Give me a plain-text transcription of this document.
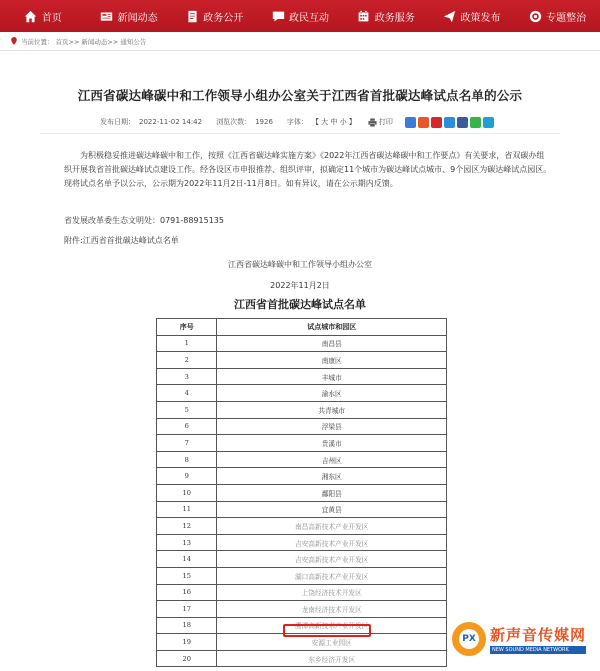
首页	新闻动态	政务公开	政民互动	政务服务	政策发布	专题整治
当前位置： 首页>> 新闻动态>> 通知公告
江西省碳达峰碳中和工作领导小组办公室关于江西省首批碳达峰试点名单的公示
发布日期： 2022-11-02 14:42 浏览次数： 1926 字体： 【 大 中 小 】	打印
为积极稳妥推进碳达峰碳中和工作，按照《江西省碳达峰实施方案》《2022年江西省碳达峰碳中和工作要点》有关要求，省双碳办组织开展我省首批碳达峰试点建设工作。经各设区市申报推荐、组织评审，拟确定11个城市为碳达峰试点城市、9个园区为碳达峰试点园区。现将试点名单予以公示，公示期为2022年11月2日-11月8日。如有异议，请在公示期内反馈。
省发展改革委生态文明处：0791-88915135
附件:江西省首批碳达峰试点名单
江西省碳达峰碳中和工作领导小组办公室
2022年11月2日
江西省首批碳达峰试点名单
序号	试点城市和园区
1	南昌县
2	南康区
3	丰城市
4	渝水区
5	共青城市
6	浮梁县
7	贵溪市
8	吉州区
9	湘东区
10	鄱阳县
11	宜黄县
12	南昌高新技术产业开发区
13	吉安高新技术产业开发区
14	吉安高新技术产业开发区
15	湖口高新技术产业开发区
16	上饶经济技术开发区
17	龙南经济技术开发区
18	鹰潭高新技术产业开发区
19	安源工业园区
20	东乡经济开发区
PX 新声音传媒网
NEW SOUND MEDIA NETWORK
